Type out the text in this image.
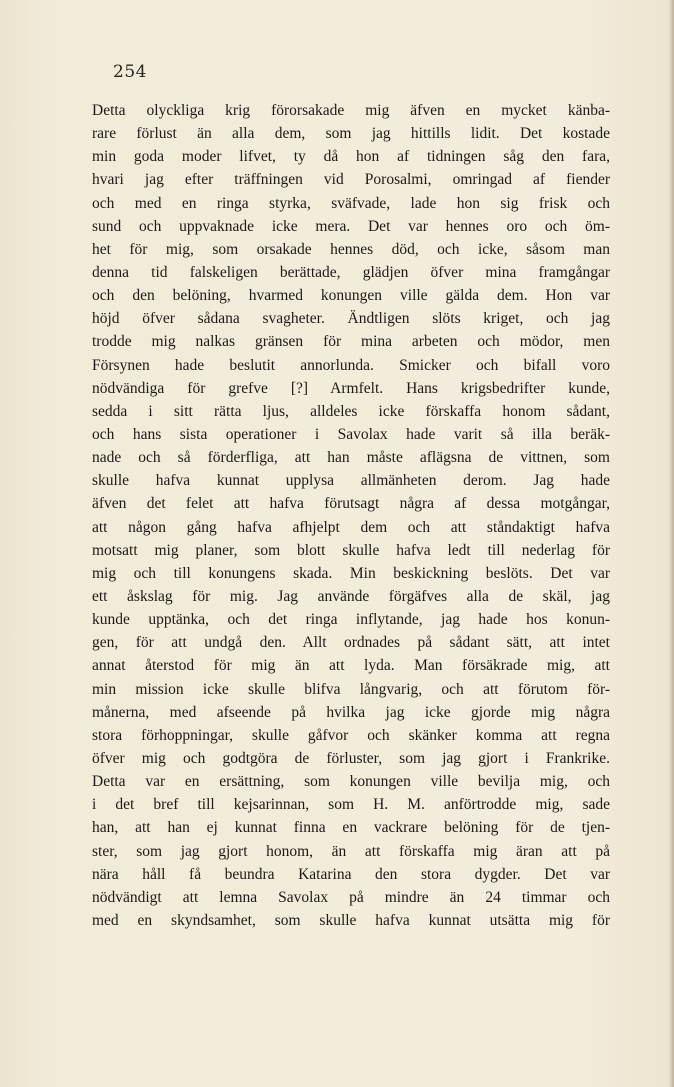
254
Detta olyckliga krig förorsakade mig äfven en mycket känba-
rare förlust än alla dem, som jag hittills lidit. Det kostade
min goda moder lifvet, ty då hon af tidningen såg den fara,
hvari jag efter träffningen vid Porosalmi, omringad af fiender
och med en ringa styrka, sväfvade, lade hon sig frisk och
sund och uppvaknade icke mera. Det var hennes oro och öm-
het för mig, som orsakade hennes död, och icke, såsom man
denna tid falskeligen berättade, glädjen öfver mina framgångar
och den belöning, hvarmed konungen ville gälda dem. Hon var
höjd öfver sådana svagheter. Ändtligen slöts kriget, och jag
trodde mig nalkas gränsen för mina arbeten och mödor, men
Försynen hade beslutit annorlunda. Smicker och bifall voro
nödvändiga för grefve [?] Armfelt. Hans krigsbedrifter kunde,
sedda i sitt rätta ljus, alldeles icke förskaffa honom sådant,
och hans sista operationer i Savolax hade varit så illa beräk-
nade och så förderfliga, att han måste aflägsna de vittnen, som
skulle hafva kunnat upplysa allmänheten derom. Jag hade
äfven det felet att hafva förutsagt några af dessa motgångar,
att någon gång hafva afhjelpt dem och att ståndaktigt hafva
motsatt mig planer, som blott skulle hafva ledt till nederlag för
mig och till konungens skada. Min beskickning beslöts. Det var
ett åskslag för mig. Jag använde förgäfves alla de skäl, jag
kunde upptänka, och det ringa inflytande, jag hade hos konun-
gen, för att undgå den. Allt ordnades på sådant sätt, att intet
annat återstod för mig än att lyda. Man försäkrade mig, att
min mission icke skulle blifva långvarig, och att förutom för-
månerna, med afseende på hvilka jag icke gjorde mig några
stora förhoppningar, skulle gåfvor och skänker komma att regna
öfver mig och godtgöra de förluster, som jag gjort i Frankrike.
Detta var en ersättning, som konungen ville bevilja mig, och
i det bref till kejsarinnan, som H. M. anförtrodde mig, sade
han, att han ej kunnat finna en vackrare belöning för de tjen-
ster, som jag gjort honom, än att förskaffa mig äran att på
nära håll få beundra Katarina den stora dygder. Det var
nödvändigt att lemna Savolax på mindre än 24 timmar och
med en skyndsamhet, som skulle hafva kunnat utsätta mig för
